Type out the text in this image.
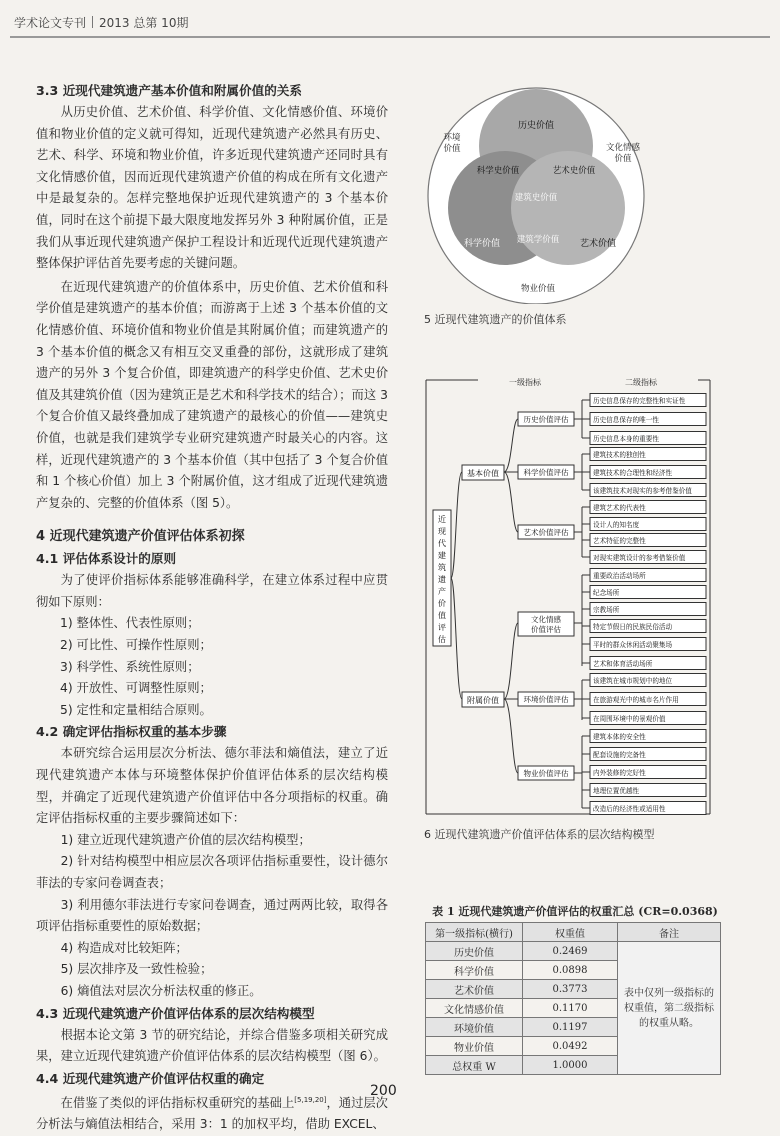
学术论文专刊 2013 总第 10期
3.3 近现代建筑遗产基本价值和附属价值的关系

从历史价值、艺术价值、科学价值、文化情感价值、环境价值和物业价值的定义就可得知，近现代建筑遗产必然具有历史、艺术、科学、环境和物业价值，许多近现代建筑遗产还同时具有文化情感价值，因而近现代建筑遗产价值的构成在所有文化遗产中是最复杂的。怎样完整地保护近现代建筑遗产的 3 个基本价值，同时在这个前提下最大限度地发挥另外 3 种附属价值，正是我们从事近现代建筑遗产保护工程设计和近现代近现代建筑遗产整体保护评估首先要考虑的关键问题。

在近现代建筑遗产的价值体系中，历史价值、艺术价值和科学价值是建筑遗产的基本价值；而游离于上述 3 个基本价值的文化情感价值、环境价值和物业价值是其附属价值；而建筑遗产的 3 个基本价值的概念又有相互交叉重叠的部份，这就形成了建筑遗产的另外 3 个复合价值，即建筑遗产的科学史价值、艺术史价值及其建筑价值（因为建筑正是艺术和科学技术的结合）；而这 3 个复合价值又最终叠加成了建筑遗产的最核心的价值——建筑史价值，也就是我们建筑学专业研究建筑遗产时最关心的内容。这样，近现代建筑遗产的 3 个基本价值（其中包括了 3 个复合价值和 1 个核心价值）加上 3 个附属价值，这才组成了近现代建筑遗产复杂的、完整的价值体系（图 5）。

4 近现代建筑遗产价值评估体系初探
4.1 评估体系设计的原则

为了使评价指标体系能够准确科学，在建立体系过程中应贯彻如下原则：

1) 整体性、代表性原则；
2) 可比性、可操作性原则；
3) 科学性、系统性原则；
4) 开放性、可调整性原则；
5) 定性和定量相结合原则。
4.2 确定评估指标权重的基本步骤

本研究综合运用层次分析法、德尔菲法和熵值法，建立了近现代建筑遗产本体与环境整体保护价值评估体系的层次结构模型，并确定了近现代建筑遗产价值评估中各分项指标的权重。确定评估指标权重的主要步骤简述如下：

1) 建立近现代建筑遗产价值的层次结构模型；

2) 针对结构模型中相应层次各项评估指标重要性，设计德尔菲法的专家问卷调查表；

3) 利用德尔菲法进行专家问卷调查，通过两两比较，取得各项评估指标重要性的原始数据；

4) 构造成对比较矩阵；

5) 层次排序及一致性检验；

6) 熵值法对层次分析法权重的修正。

4.3 近现代建筑遗产价值评估体系的层次结构模型

根据本论文第 3 节的研究结论，并综合借鉴多项相关研究成果，建立近现代建筑遗产价值评估体系的层次结构模型（图 6）。

4.4 近现代建筑遗产价值评估权重的确定

在借鉴了类似的评估指标权重研究的基础上[5,19,20]，通过层次分析法与熵值法相结合，采用 3：1 的加权平均，借助 EXCEL、

历史价值
科学史价值	艺术史价值
建筑史价值
科学价值 建筑学价值 艺术价值
环境
价值	文化情感
价值
物业价值
5 近现代建筑遗产的价值体系
一级指标	二级指标
近
现
代
建
筑
遗
产
价
值
评
估
基本价值
附属价值
历史价值评估
科学价值评估
艺术价值评估
文化情感
价值评估
环境价值评估
物业价值评估
历史信息保存的完整性和实证性
历史信息保存的唯一性
历史信息本身的重要性
建筑技术的独创性
建筑技术的合理性和经济性
该建筑技术对现实的参考借鉴价值
建筑艺术的代表性
设计人的知名度
艺术特征的完整性
对现实建筑设计的参考借鉴价值
重要政治活动场所
纪念场所
宗教场所
特定节假日的民族民俗活动
平时的群众休闲活动聚集场
艺术和体育活动场所
该建筑在城市规划中的地位
在旅游观光中的城市名片作用
在周围环境中的景观价值
建筑本体的安全性
配套设施的完备性
内外装修的完好性
地理位置优越性
改造后的经济性或适用性
6 近现代建筑遗产价值评估体系的层次结构模型
表 1 近现代建筑遗产价值评估的权重汇总 (CR=0.0368)
第一级指标(横行)	权重值	备注
历史价值	0.2469	表中仅列一级指标的
权重值，第二级指标
的权重从略。
科学价值	0.0898	
艺术价值	0.3773	
文化情感价值	0.1170	
环境价值	0.1197	
物业价值	0.0492	
总权重 W	1.0000	
200
